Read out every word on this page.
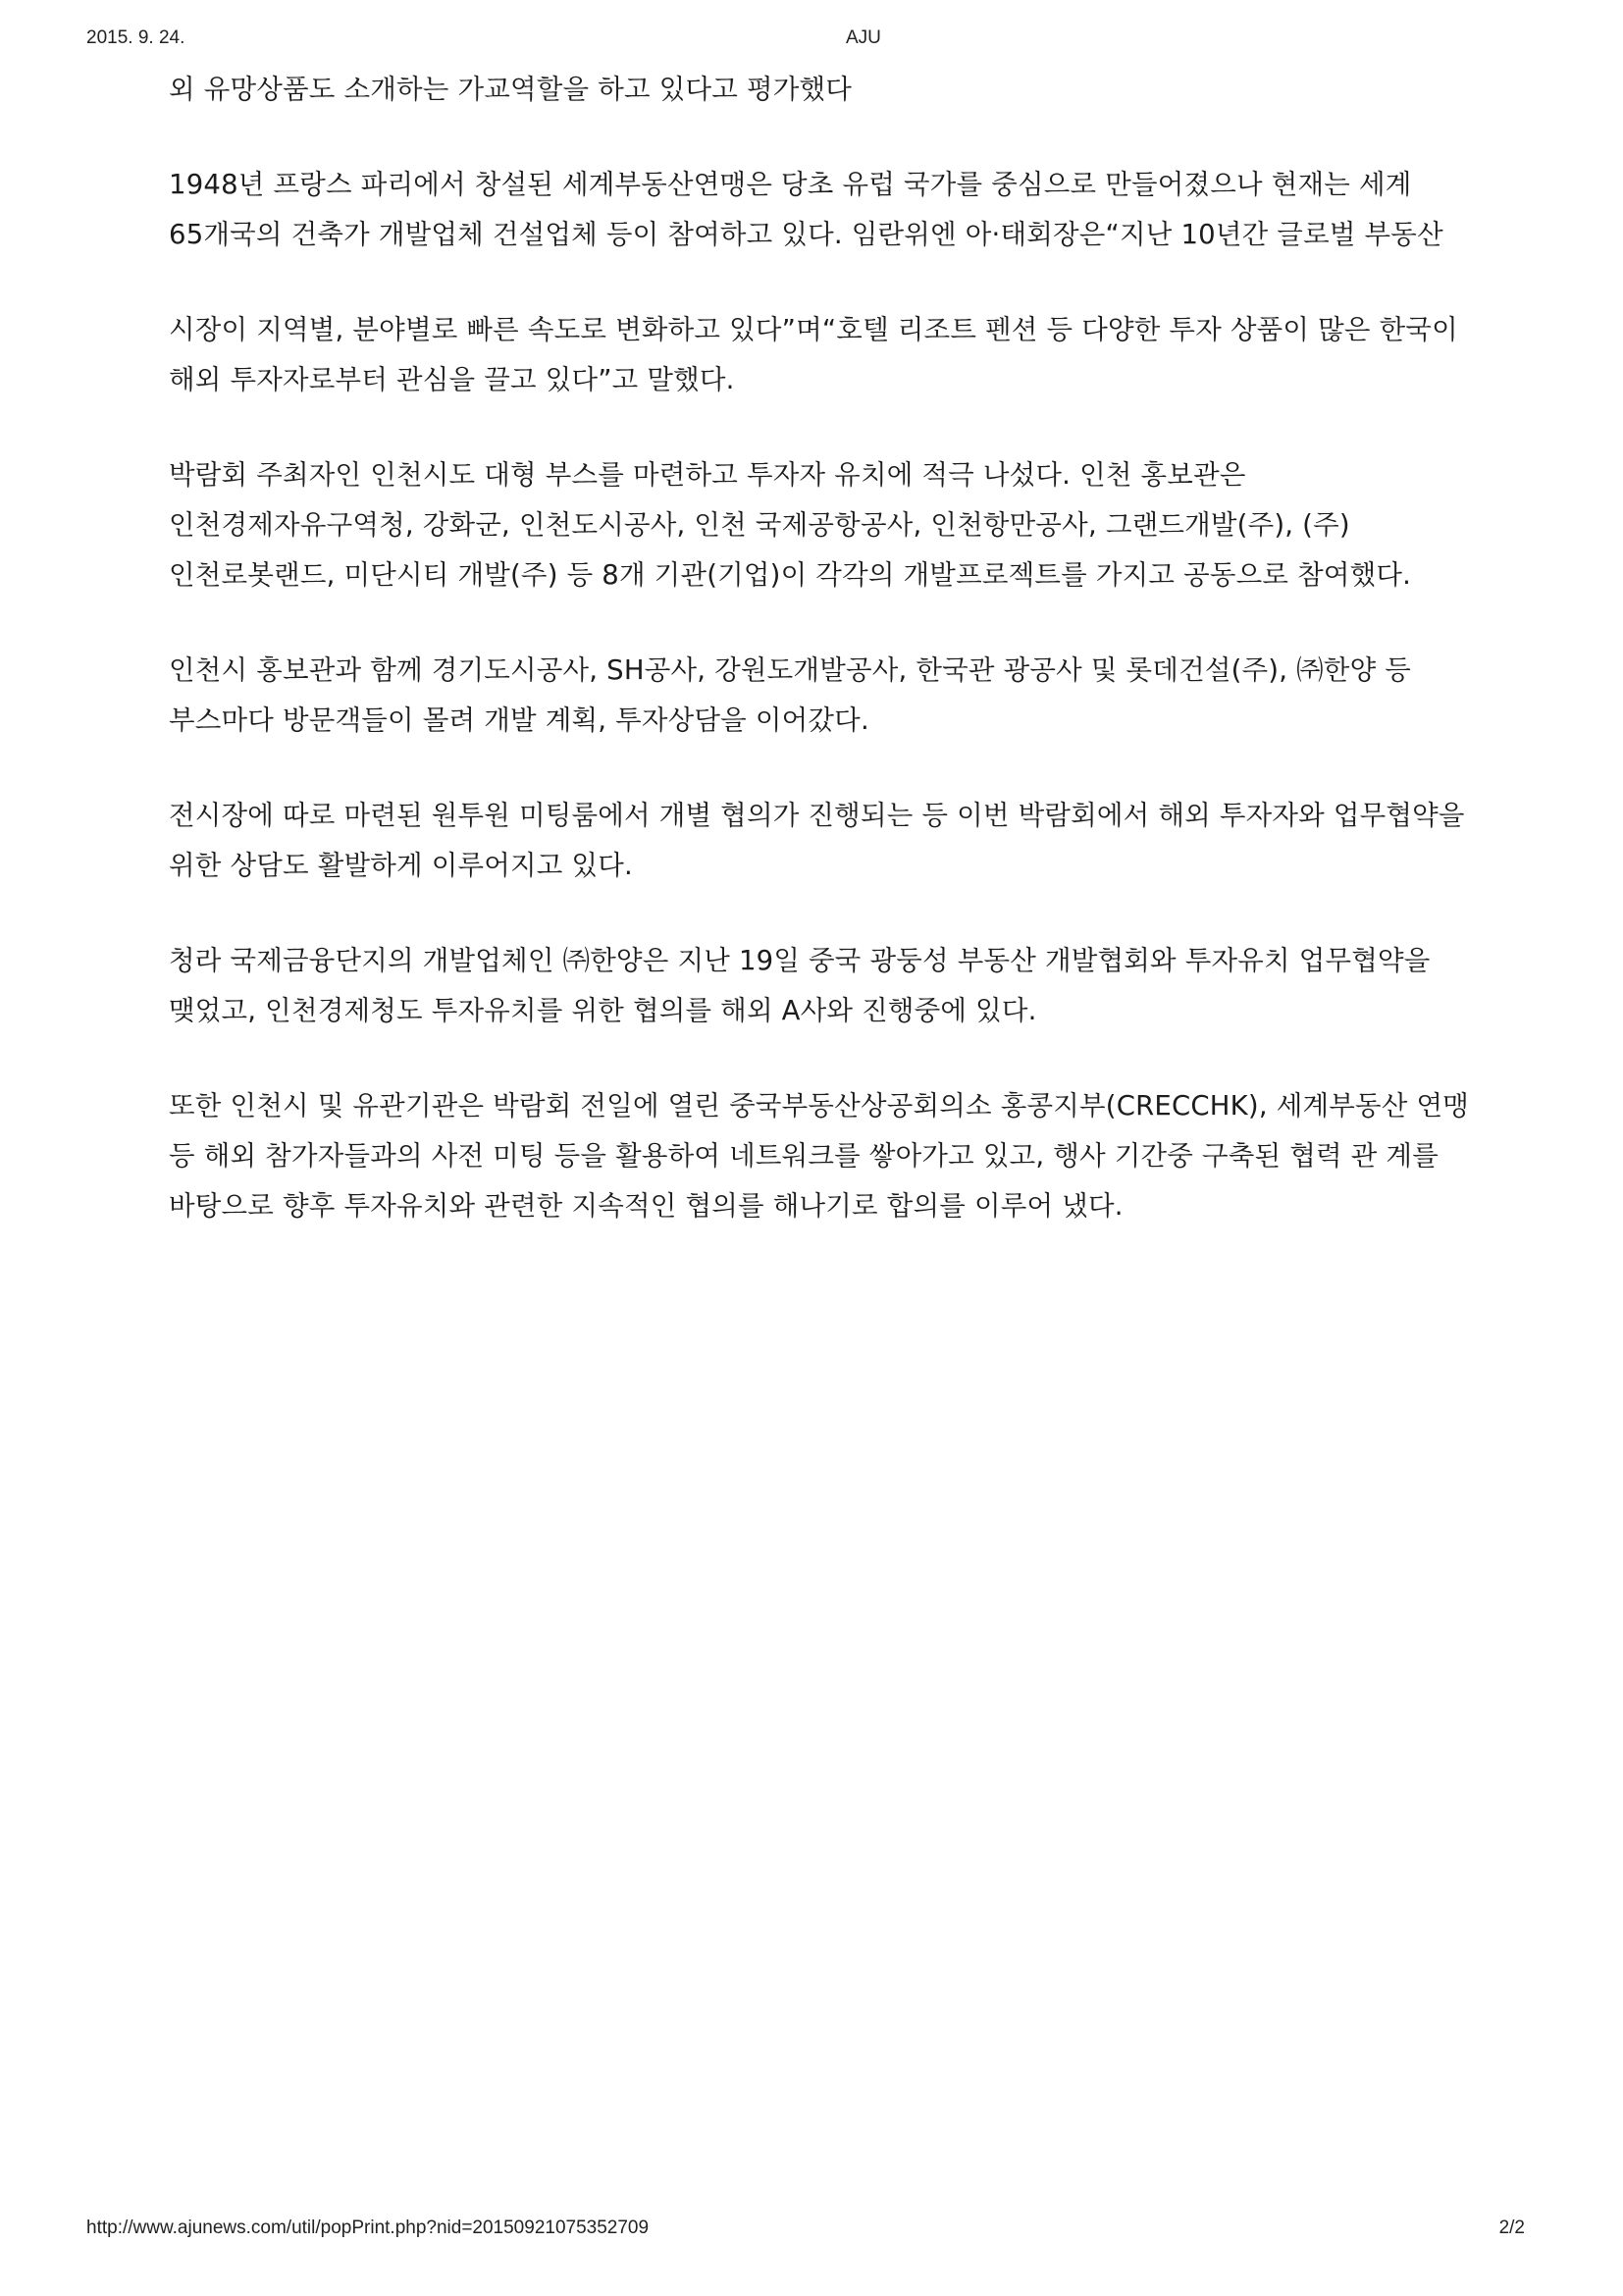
2015. 9. 24.	AJU

외 유망상품도 소개하는 가교역할을 하고 있다고 평가했다

1948년 프랑스 파리에서 창설된 세계부동산연맹은 당초 유럽 국가를 중심으로 만들어졌으나 현재는 세계 65개국의 건축가 개발업체 건설업체 등이 참여하고 있다. 임란위엔 아·태회장은“지난 10년간 글로벌 부동산

시장이 지역별, 분야별로 빠른 속도로 변화하고 있다”며“호텔 리조트 펜션 등 다양한 투자 상품이 많은 한국이 해외 투자자로부터 관심을 끌고 있다”고 말했다.

박람회 주최자인 인천시도 대형 부스를 마련하고 투자자 유치에 적극 나섰다. 인천 홍보관은 인천경제자유구역청, 강화군, 인천도시공사, 인천 국제공항공사, 인천항만공사, 그랜드개발(주), (주)인천로봇랜드, 미단시티 개발(주) 등 8개 기관(기업)이 각각의 개발프로젝트를 가지고 공동으로 참여했다.

인천시 홍보관과 함께 경기도시공사, SH공사, 강원도개발공사, 한국관 광공사 및 롯데건설(주), ㈜한양 등 부스마다 방문객들이 몰려 개발 계획, 투자상담을 이어갔다.

전시장에 따로 마련된 원투원 미팅룸에서 개별 협의가 진행되는 등 이번 박람회에서 해외 투자자와 업무협약을 위한 상담도 활발하게 이루어지고 있다.

청라 국제금융단지의 개발업체인 ㈜한양은 지난 19일 중국 광둥성 부동산 개발협회와 투자유치 업무협약을 맺었고, 인천경제청도 투자유치를 위한 협의를 해외 A사와 진행중에 있다.

또한 인천시 및 유관기관은 박람회 전일에 열린 중국부동산상공회의소 홍콩지부(CRECCHK), 세계부동산 연맹 등 해외 참가자들과의 사전 미팅 등을 활용하여 네트워크를 쌓아가고 있고, 행사 기간중 구축된 협력 관 계를 바탕으로 향후 투자유치와 관련한 지속적인 협의를 해나기로 합의를 이루어 냈다.

http://www.ajunews.com/util/popPrint.php?nid=20150921075352709	2/2
